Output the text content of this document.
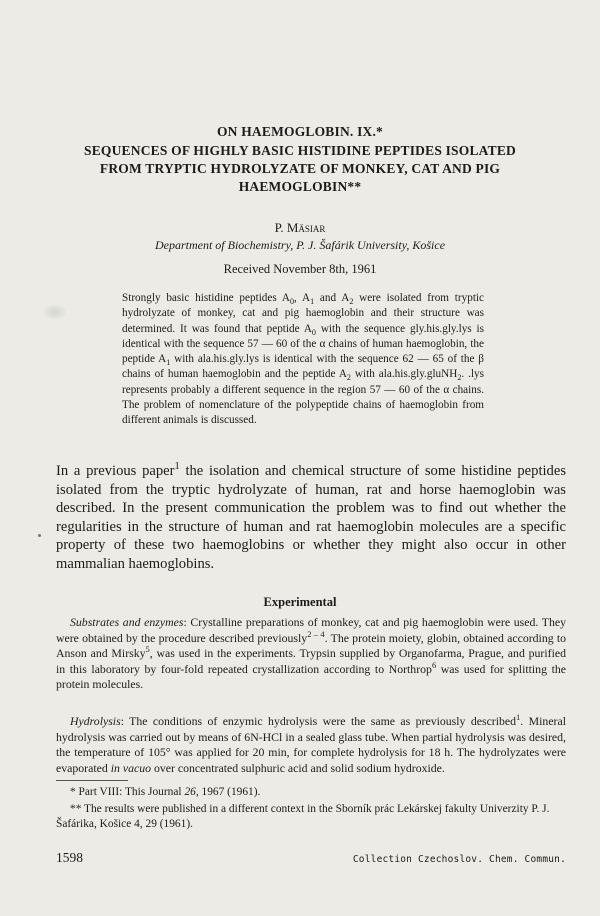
ON HAEMOGLOBIN. IX.*
SEQUENCES OF HIGHLY BASIC HISTIDINE PEPTIDES ISOLATED FROM TRYPTIC HYDROLYZATE OF MONKEY, CAT AND PIG HAEMOGLOBIN**
P. Mäsiar
Department of Biochemistry, P. J. Šafárik University, Košice
Received November 8th, 1961
Strongly basic histidine peptides $A_0$, $A_1$ and $A_2$ were isolated from tryptic hydrolyzate of monkey, cat and pig haemoglobin and their structure was determined. It was found that peptide $A_0$ with the sequence gly.his.gly.lys is identical with the sequence 57 — 60 of the α chains of human haemoglobin, the peptide $A_1$ with ala.his.gly.lys is identical with the sequence 62 — 65 of the β chains of human haemoglobin and the peptide $A_2$ with ala.his.gly.gluNH$_2$. .lys represents probably a different sequence in the region 57 — 60 of the α chains. The problem of nomenclature of the polypeptide chains of haemoglobin from different animals is discussed.
In a previous paper$^1$ the isolation and chemical structure of some histidine peptides isolated from the tryptic hydrolyzate of human, rat and horse haemoglobin was described. In the present communication the problem was to find out whether the regularities in the structure of human and rat haemoglobin molecules are a specific property of these two haemoglobins or whether they might also occur in other mammalian haemoglobins.
Experimental

Substrates and enzymes: Crystalline preparations of monkey, cat and pig haemoglobin were used. They were obtained by the procedure described previously$^{2 - 4}$. The protein moiety, globin, obtained according to Anson and Mirsky$^5$, was used in the experiments. Trypsin supplied by Organofarma, Prague, and purified in this laboratory by four-fold repeated crystallization according to Northrop$^6$ was used for splitting the protein molecules.

Hydrolysis: The conditions of enzymic hydrolysis were the same as previously described$^1$. Mineral hydrolysis was carried out by means of 6N-HCl in a sealed glass tube. When partial hydrolysis was desired, the temperature of 105° was applied for 20 min, for complete hydrolysis for 18 h. The hydrolyzates were evaporated in vacuo over concentrated sulphuric acid and solid sodium hydroxide.

* Part VIII: This Journal 26, 1967 (1961).

** The results were published in a different context in the Sborník prác Lekárskej fakulty Univerzity P. J. Šafárika, Košice 4, 29 (1961).

1598	Collection Czechoslov. Chem. Commun.
